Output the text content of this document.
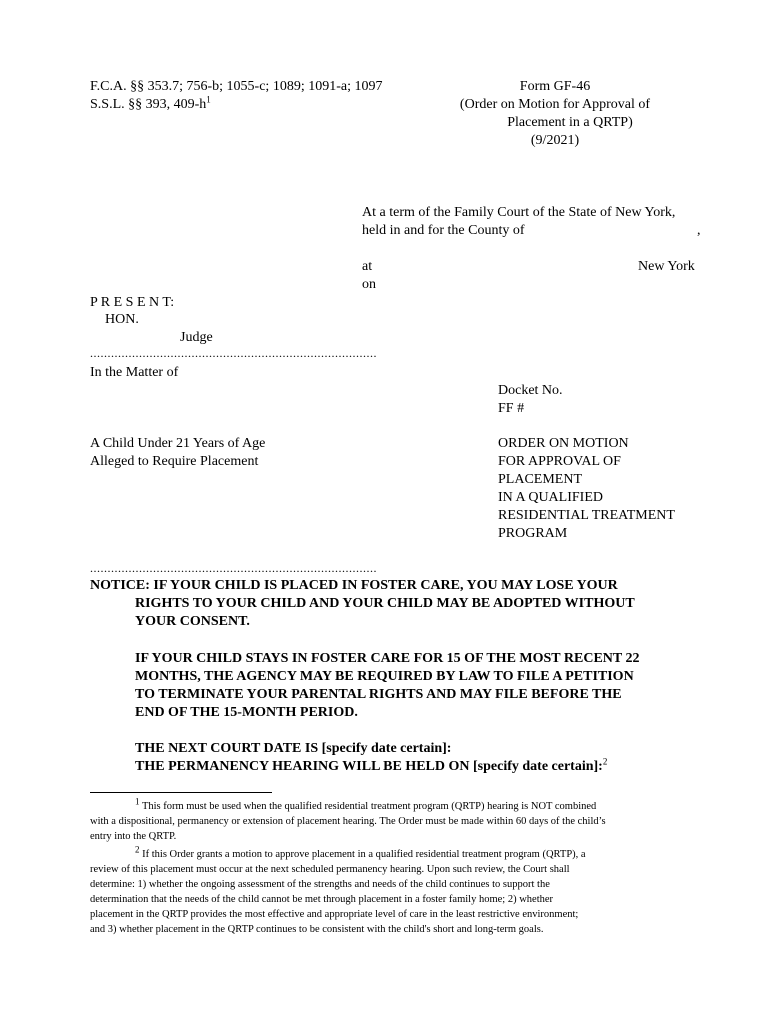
F.C.A. §§ 353.7; 756-b; 1055-c; 1089; 1091-a; 1097
S.S.L. §§ 393, $409-h^1$
Form GF-46
(Order on Motion for Approval of
Placement in a QRTP)
(9/2021)
At a term of the Family Court of the State of New York,
held in and for the County of	,
at	New York
on
P R E S E N T:
HON.
Judge
..................................................................................
In the Matter of
Docket No.
FF #
A Child Under 21 Years of Age
Alleged to Require Placement
ORDER ON MOTION
FOR APPROVAL OF
PLACEMENT
IN A QUALIFIED
RESIDENTIAL TREATMENT
PROGRAM
..................................................................................
NOTICE: IF YOUR CHILD IS PLACED IN FOSTER CARE, YOU MAY LOSE YOUR
RIGHTS TO YOUR CHILD AND YOUR CHILD MAY BE ADOPTED WITHOUT
YOUR CONSENT.
IF YOUR CHILD STAYS IN FOSTER CARE FOR 15 OF THE MOST RECENT 22
MONTHS, THE AGENCY MAY BE REQUIRED BY LAW TO FILE A PETITION
TO TERMINATE YOUR PARENTAL RIGHTS AND MAY FILE BEFORE THE
END OF THE 15-MONTH PERIOD.
THE NEXT COURT DATE IS [specify date certain]:
THE PERMANENCY HEARING WILL BE HELD ON [specify date certain]:$^2$
$^1$ This form must be used when the qualified residential treatment program (QRTP) hearing is NOT combined
with a dispositional, permanency or extension of placement hearing. The Order must be made within 60 days of the child’s
entry into the QRTP.
$^2$ If this Order grants a motion to approve placement in a qualified residential treatment program (QRTP), a
review of this placement must occur at the next scheduled permanency hearing. Upon such review, the Court shall
determine: 1) whether the ongoing assessment of the strengths and needs of the child continues to support the
determination that the needs of the child cannot be met through placement in a foster family home; 2) whether
placement in the QRTP provides the most effective and appropriate level of care in the least restrictive environment;
and 3) whether placement in the QRTP continues to be consistent with the child's short and long-term goals.
